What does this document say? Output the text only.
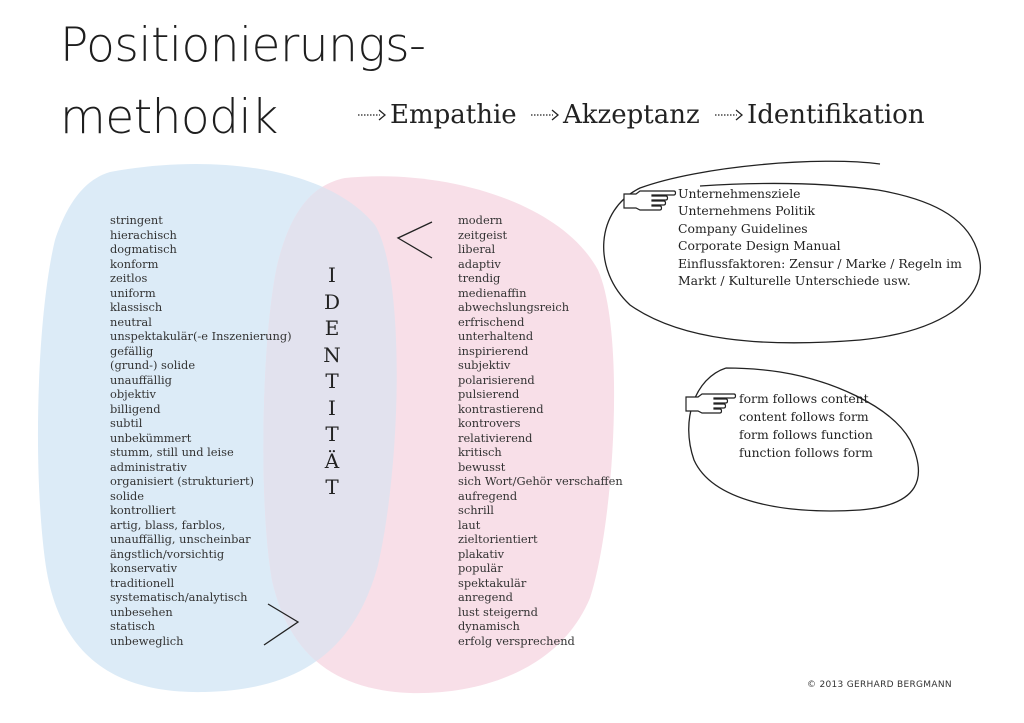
Positionierungs-
methodik	Empathie Akzeptanz Identifikation
stringent
hierachisch
dogmatisch
konform
zeitlos
uniform
klassisch
neutral
unspektakulär(-e Inszenierung)
gefällig
(grund-) solide
unauffällig
objektiv
billigend
subtil
unbekümmert
stumm, still und leise
administrativ
organisiert (strukturiert)
solide
kontrolliert
artig, blass, farblos,
unauffällig, unscheinbar
ängstlich/vorsichtig
konservativ
traditionell
systematisch/analytisch
unbesehen
statisch
unbeweglich
modern
zeitgeist
liberal
adaptiv
trendig
medienaffin
abwechslungsreich
erfrischend
unterhaltend
inspirierend
subjektiv
polarisierend
pulsierend
kontrastierend
kontrovers
relativierend
kritisch
bewusst
sich Wort/Gehör verschaffen
aufregend
schrill
laut
zieltorientiert
plakativ
populär
spektakulär
anregend
lust steigernd
dynamisch
erfolg versprechend
I
D
E
N
T
I
T
Ä
T
Unternehmensziele
Unternehmens Politik
Company Guidelines
Corporate Design Manual
Einflussfaktoren: Zensur / Marke / Regeln im
Markt / Kulturelle Unterschiede usw.
form follows content
content follows form
form follows function
function follows form
© 2013 GERHARD BERGMANN
